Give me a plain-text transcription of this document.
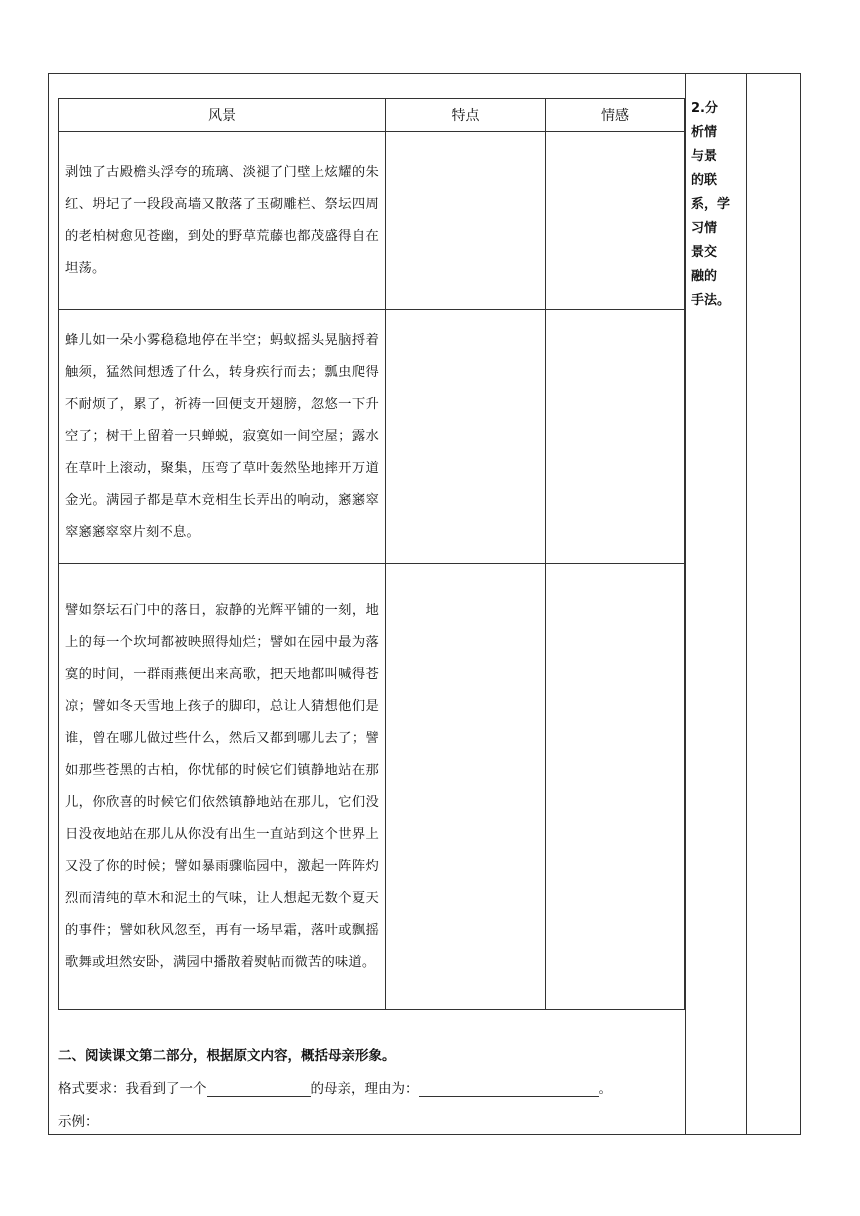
2.分
析情
与景
的联
系，学
习情
景交
融的
手法。
风景	特点	情感
剥蚀了古殿檐头浮夸的琉璃、淡褪了门壁上炫耀的朱红、坍圮了一段段高墙又散落了玉砌雕栏、祭坛四周的老柏树愈见苍幽，到处的野草荒藤也都茂盛得自在坦荡。		
蜂儿如一朵小雾稳稳地停在半空；蚂蚁摇头晃脑捋着触须，猛然间想透了什么，转身疾行而去；瓢虫爬得不耐烦了，累了，祈祷一回便支开翅膀，忽悠一下升空了；树干上留着一只蝉蜕，寂寞如一间空屋；露水在草叶上滚动，聚集，压弯了草叶轰然坠地摔开万道金光。满园子都是草木竞相生长弄出的响动，窸窸窣窣窸窸窣窣片刻不息。		
譬如祭坛石门中的落日，寂静的光辉平铺的一刻，地上的每一个坎坷都被映照得灿烂；譬如在园中最为落寞的时间，一群雨燕便出来高歌，把天地都叫喊得苍凉；譬如冬天雪地上孩子的脚印，总让人猜想他们是谁，曾在哪儿做过些什么，然后又都到哪儿去了；譬如那些苍黑的古柏，你忧郁的时候它们镇静地站在那儿，你欣喜的时候它们依然镇静地站在那儿，它们没日没夜地站在那儿从你没有出生一直站到这个世界上又没了你的时候；譬如暴雨骤临园中，激起一阵阵灼烈而清纯的草木和泥土的气味，让人想起无数个夏天的事件；譬如秋风忽至，再有一场早霜，落叶或飘摇歌舞或坦然安卧，满园中播散着熨帖而微苦的味道。		
二、阅读课文第二部分，根据原文内容，概括母亲形象。
格式要求：我看到了一个	的母亲，理由为：	。
示例：
